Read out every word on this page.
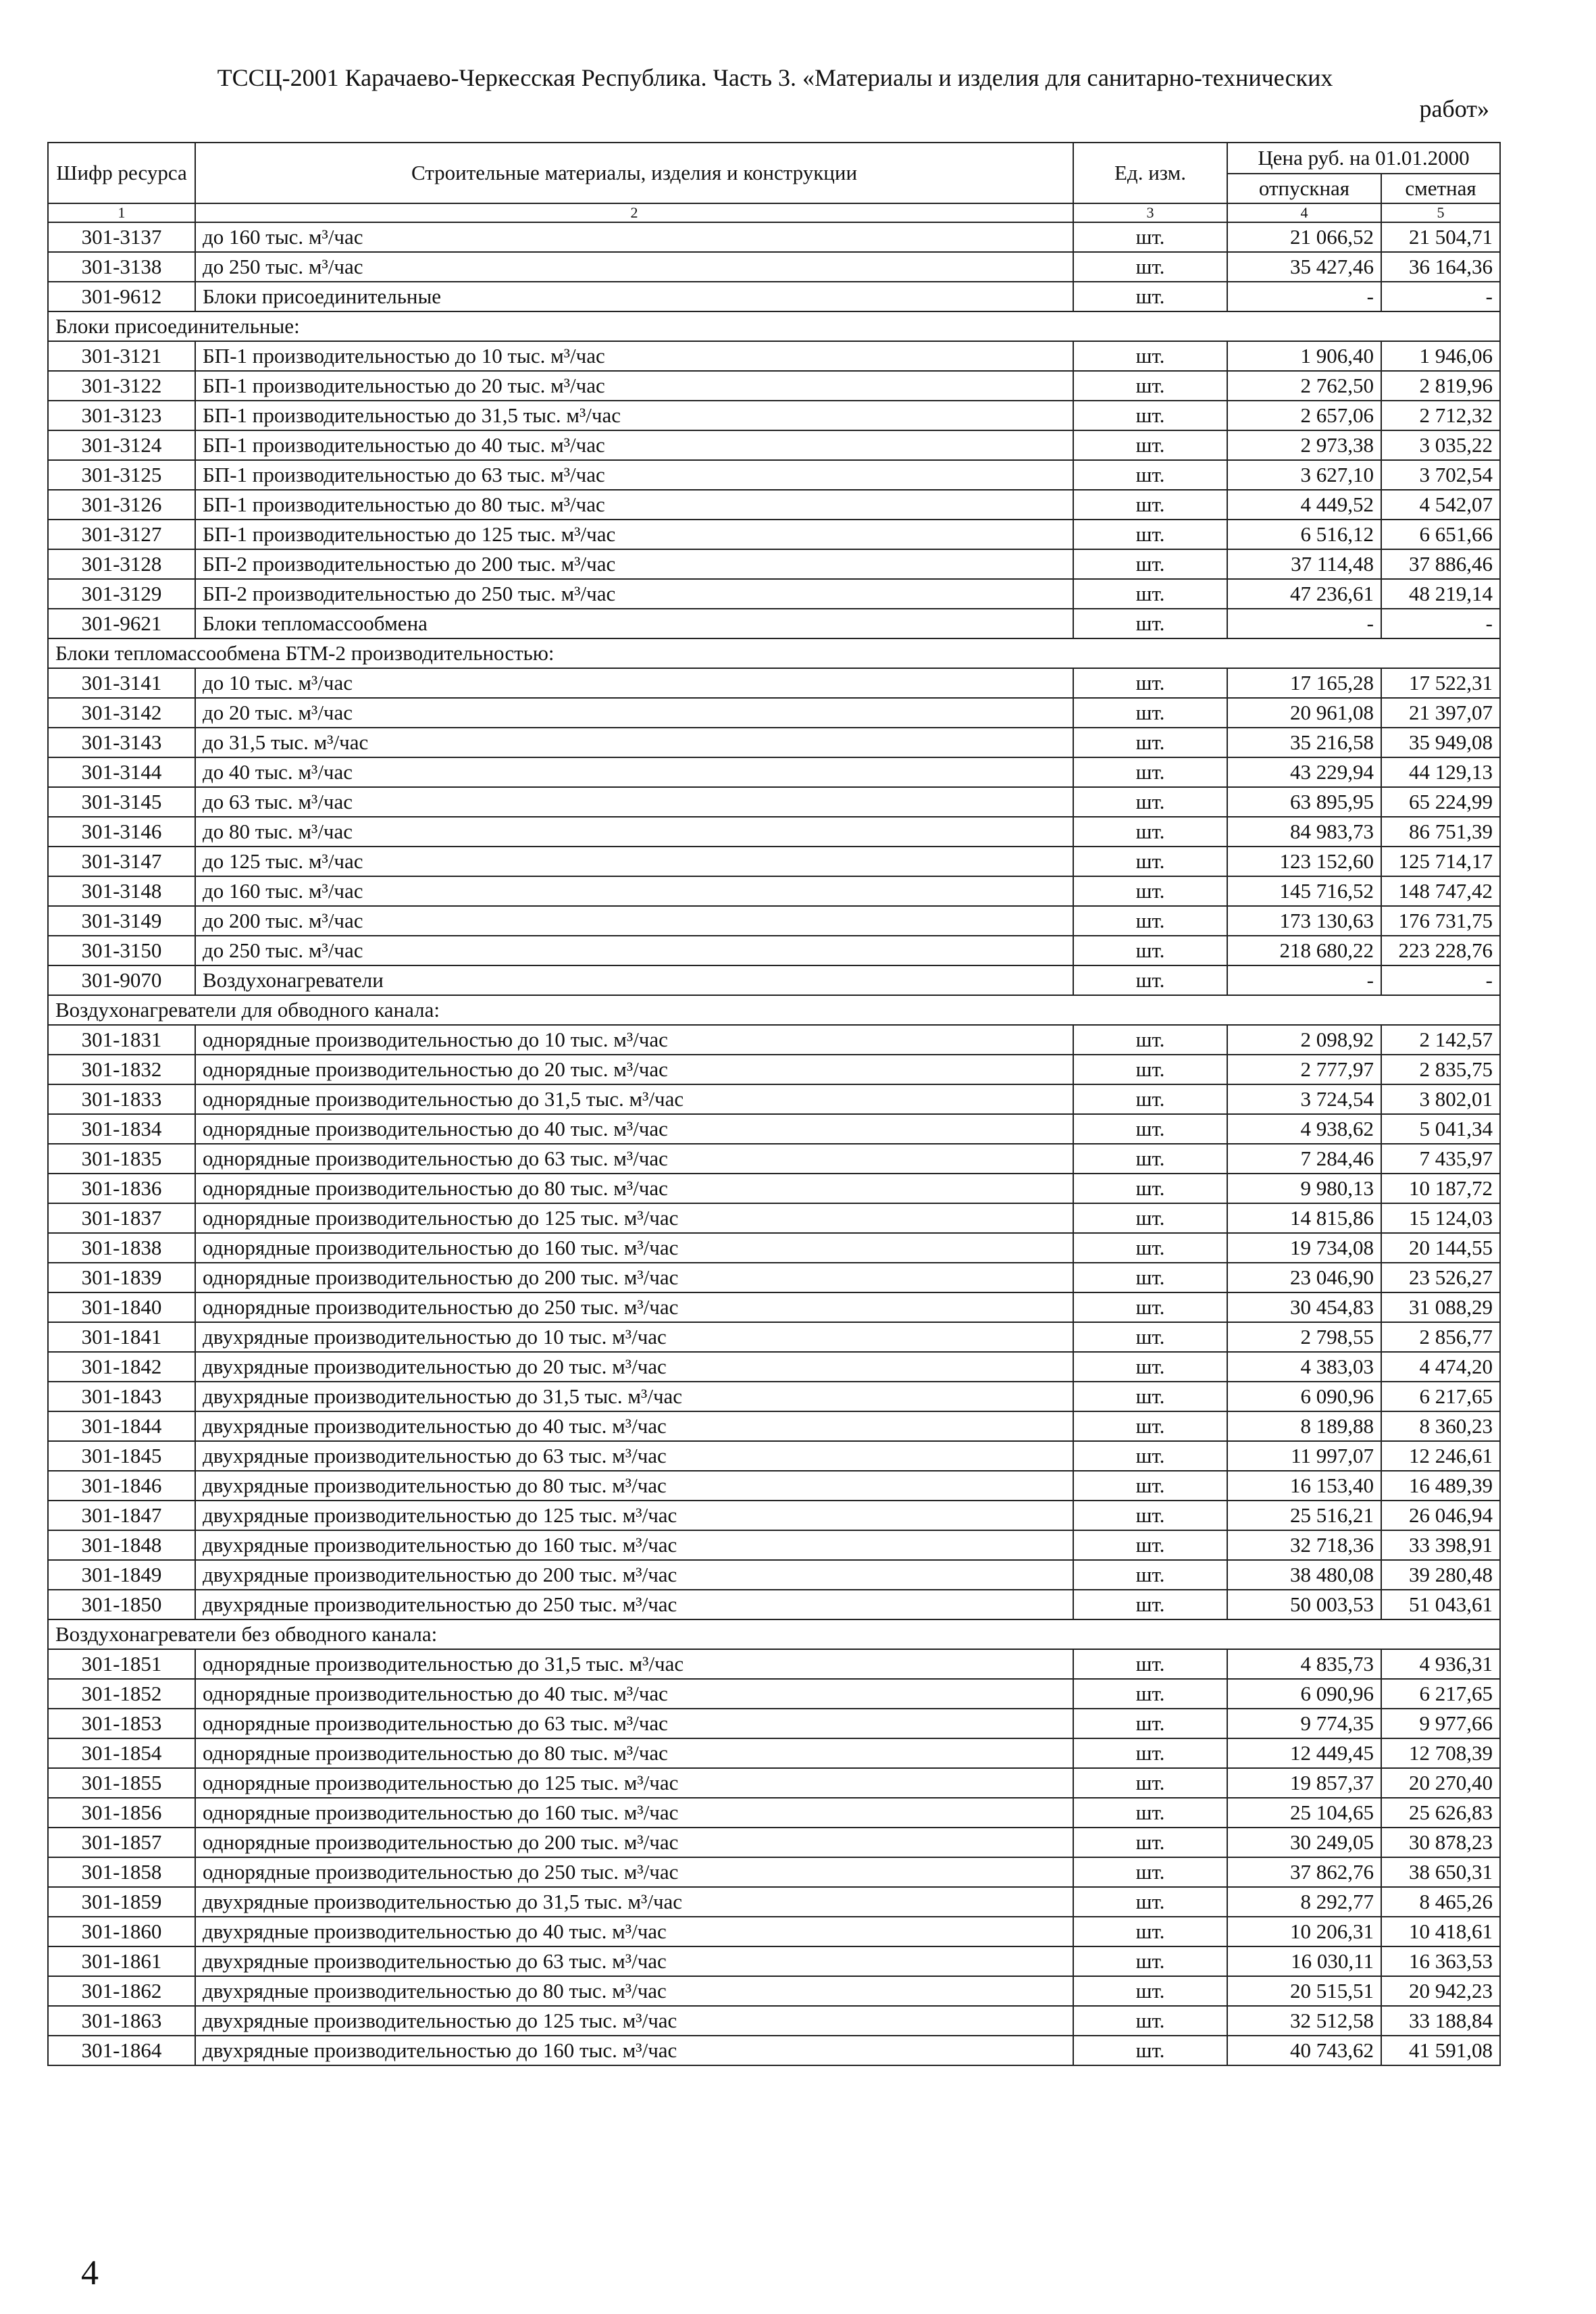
ТССЦ-2001 Карачаево-Черкесская Республика. Часть 3. «Материалы и изделия для санитарно-технических
работ»
Шифр ресурса	Строительные материалы, изделия и конструкции	Ед. изм.	Цена руб. на 01.01.2000	
			отпускная	сметная
1	2	3	4	5
301-3137	до 160 тыс. м³/час	шт.	21 066,52	21 504,71
301-3138	до 250 тыс. м³/час	шт.	35 427,46	36 164,36
301-9612	Блоки присоединительные	шт.	-	-
Блоки присоединительные:				
301-3121	БП-1 производительностью до 10 тыс. м³/час	шт.	1 906,40	1 946,06
301-3122	БП-1 производительностью до 20 тыс. м³/час	шт.	2 762,50	2 819,96
301-3123	БП-1 производительностью до 31,5 тыс. м³/час	шт.	2 657,06	2 712,32
301-3124	БП-1 производительностью до 40 тыс. м³/час	шт.	2 973,38	3 035,22
301-3125	БП-1 производительностью до 63 тыс. м³/час	шт.	3 627,10	3 702,54
301-3126	БП-1 производительностью до 80 тыс. м³/час	шт.	4 449,52	4 542,07
301-3127	БП-1 производительностью до 125 тыс. м³/час	шт.	6 516,12	6 651,66
301-3128	БП-2 производительностью до 200 тыс. м³/час	шт.	37 114,48	37 886,46
301-3129	БП-2 производительностью до 250 тыс. м³/час	шт.	47 236,61	48 219,14
301-9621	Блоки тепломассообмена	шт.	-	-
Блоки тепломассообмена БТМ-2 производительностью:				
301-3141	до 10 тыс. м³/час	шт.	17 165,28	17 522,31
301-3142	до 20 тыс. м³/час	шт.	20 961,08	21 397,07
301-3143	до 31,5 тыс. м³/час	шт.	35 216,58	35 949,08
301-3144	до 40 тыс. м³/час	шт.	43 229,94	44 129,13
301-3145	до 63 тыс. м³/час	шт.	63 895,95	65 224,99
301-3146	до 80 тыс. м³/час	шт.	84 983,73	86 751,39
301-3147	до 125 тыс. м³/час	шт.	123 152,60	125 714,17
301-3148	до 160 тыс. м³/час	шт.	145 716,52	148 747,42
301-3149	до 200 тыс. м³/час	шт.	173 130,63	176 731,75
301-3150	до 250 тыс. м³/час	шт.	218 680,22	223 228,76
301-9070	Воздухонагреватели	шт.	-	-
Воздухонагреватели для обводного канала:				
301-1831	однорядные производительностью до 10 тыс. м³/час	шт.	2 098,92	2 142,57
301-1832	однорядные производительностью до 20 тыс. м³/час	шт.	2 777,97	2 835,75
301-1833	однорядные производительностью до 31,5 тыс. м³/час	шт.	3 724,54	3 802,01
301-1834	однорядные производительностью до 40 тыс. м³/час	шт.	4 938,62	5 041,34
301-1835	однорядные производительностью до 63 тыс. м³/час	шт.	7 284,46	7 435,97
301-1836	однорядные производительностью до 80 тыс. м³/час	шт.	9 980,13	10 187,72
301-1837	однорядные производительностью до 125 тыс. м³/час	шт.	14 815,86	15 124,03
301-1838	однорядные производительностью до 160 тыс. м³/час	шт.	19 734,08	20 144,55
301-1839	однорядные производительностью до 200 тыс. м³/час	шт.	23 046,90	23 526,27
301-1840	однорядные производительностью до 250 тыс. м³/час	шт.	30 454,83	31 088,29
301-1841	двухрядные производительностью до 10 тыс. м³/час	шт.	2 798,55	2 856,77
301-1842	двухрядные производительностью до 20 тыс. м³/час	шт.	4 383,03	4 474,20
301-1843	двухрядные производительностью до 31,5 тыс. м³/час	шт.	6 090,96	6 217,65
301-1844	двухрядные производительностью до 40 тыс. м³/час	шт.	8 189,88	8 360,23
301-1845	двухрядные производительностью до 63 тыс. м³/час	шт.	11 997,07	12 246,61
301-1846	двухрядные производительностью до 80 тыс. м³/час	шт.	16 153,40	16 489,39
301-1847	двухрядные производительностью до 125 тыс. м³/час	шт.	25 516,21	26 046,94
301-1848	двухрядные производительностью до 160 тыс. м³/час	шт.	32 718,36	33 398,91
301-1849	двухрядные производительностью до 200 тыс. м³/час	шт.	38 480,08	39 280,48
301-1850	двухрядные производительностью до 250 тыс. м³/час	шт.	50 003,53	51 043,61
Воздухонагреватели без обводного канала:				
301-1851	однорядные производительностью до 31,5 тыс. м³/час	шт.	4 835,73	4 936,31
301-1852	однорядные производительностью до 40 тыс. м³/час	шт.	6 090,96	6 217,65
301-1853	однорядные производительностью до 63 тыс. м³/час	шт.	9 774,35	9 977,66
301-1854	однорядные производительностью до 80 тыс. м³/час	шт.	12 449,45	12 708,39
301-1855	однорядные производительностью до 125 тыс. м³/час	шт.	19 857,37	20 270,40
301-1856	однорядные производительностью до 160 тыс. м³/час	шт.	25 104,65	25 626,83
301-1857	однорядные производительностью до 200 тыс. м³/час	шт.	30 249,05	30 878,23
301-1858	однорядные производительностью до 250 тыс. м³/час	шт.	37 862,76	38 650,31
301-1859	двухрядные производительностью до 31,5 тыс. м³/час	шт.	8 292,77	8 465,26
301-1860	двухрядные производительностью до 40 тыс. м³/час	шт.	10 206,31	10 418,61
301-1861	двухрядные производительностью до 63 тыс. м³/час	шт.	16 030,11	16 363,53
301-1862	двухрядные производительностью до 80 тыс. м³/час	шт.	20 515,51	20 942,23
301-1863	двухрядные производительностью до 125 тыс. м³/час	шт.	32 512,58	33 188,84
301-1864	двухрядные производительностью до 160 тыс. м³/час	шт.	40 743,62	41 591,08
4
